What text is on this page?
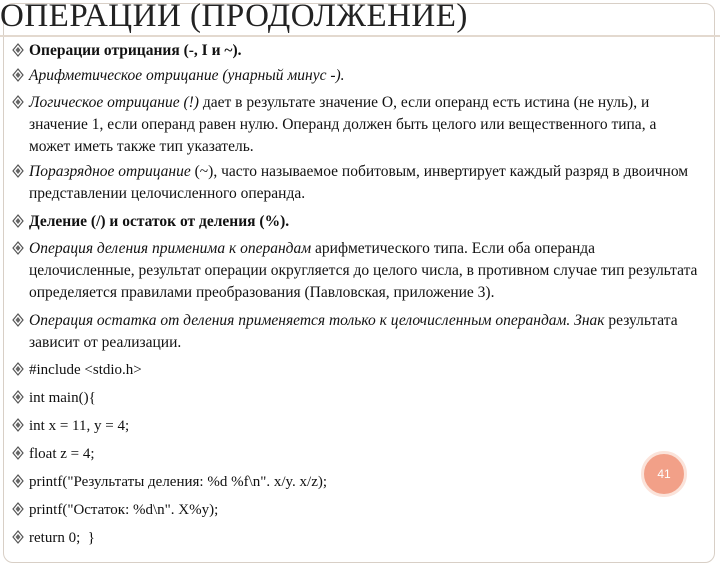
ОПЕРАЦИИ (ПРОДОЛЖЕНИЕ)
Операции отрицания (-, I и ~).
Арифметическое отрицание (унарный минус -).
Логическое отрицание (!) дает в результате значение О, если операнд есть истина (не нуль), и значение 1, если операнд равен нулю. Операнд должен быть целого или вещественного типа, а может иметь также тип указатель.
Поразрядное отрицание (~), часто называемое побитовым, инвертирует каждый разряд в двоичном представлении целочисленного операнда.
Деление (/) и остаток от деления (%).
Операция деления применима к операндам арифметического типа. Если оба операнда целочисленные, результат операции округляется до целого числа, в противном случае тип результата определяется правилами преобразования (Павловская, приложение 3).
Операция остатка от деления применяется только к целочисленным операндам. Знак результата зависит от реализации.
#include <stdio.h>
int main(){
int x = 11, y = 4;
float z = 4;
printf("Результаты деления: %d %f\n". x/y. x/z);
printf("Остаток: %d\n". X%y);
return 0;  }
41
